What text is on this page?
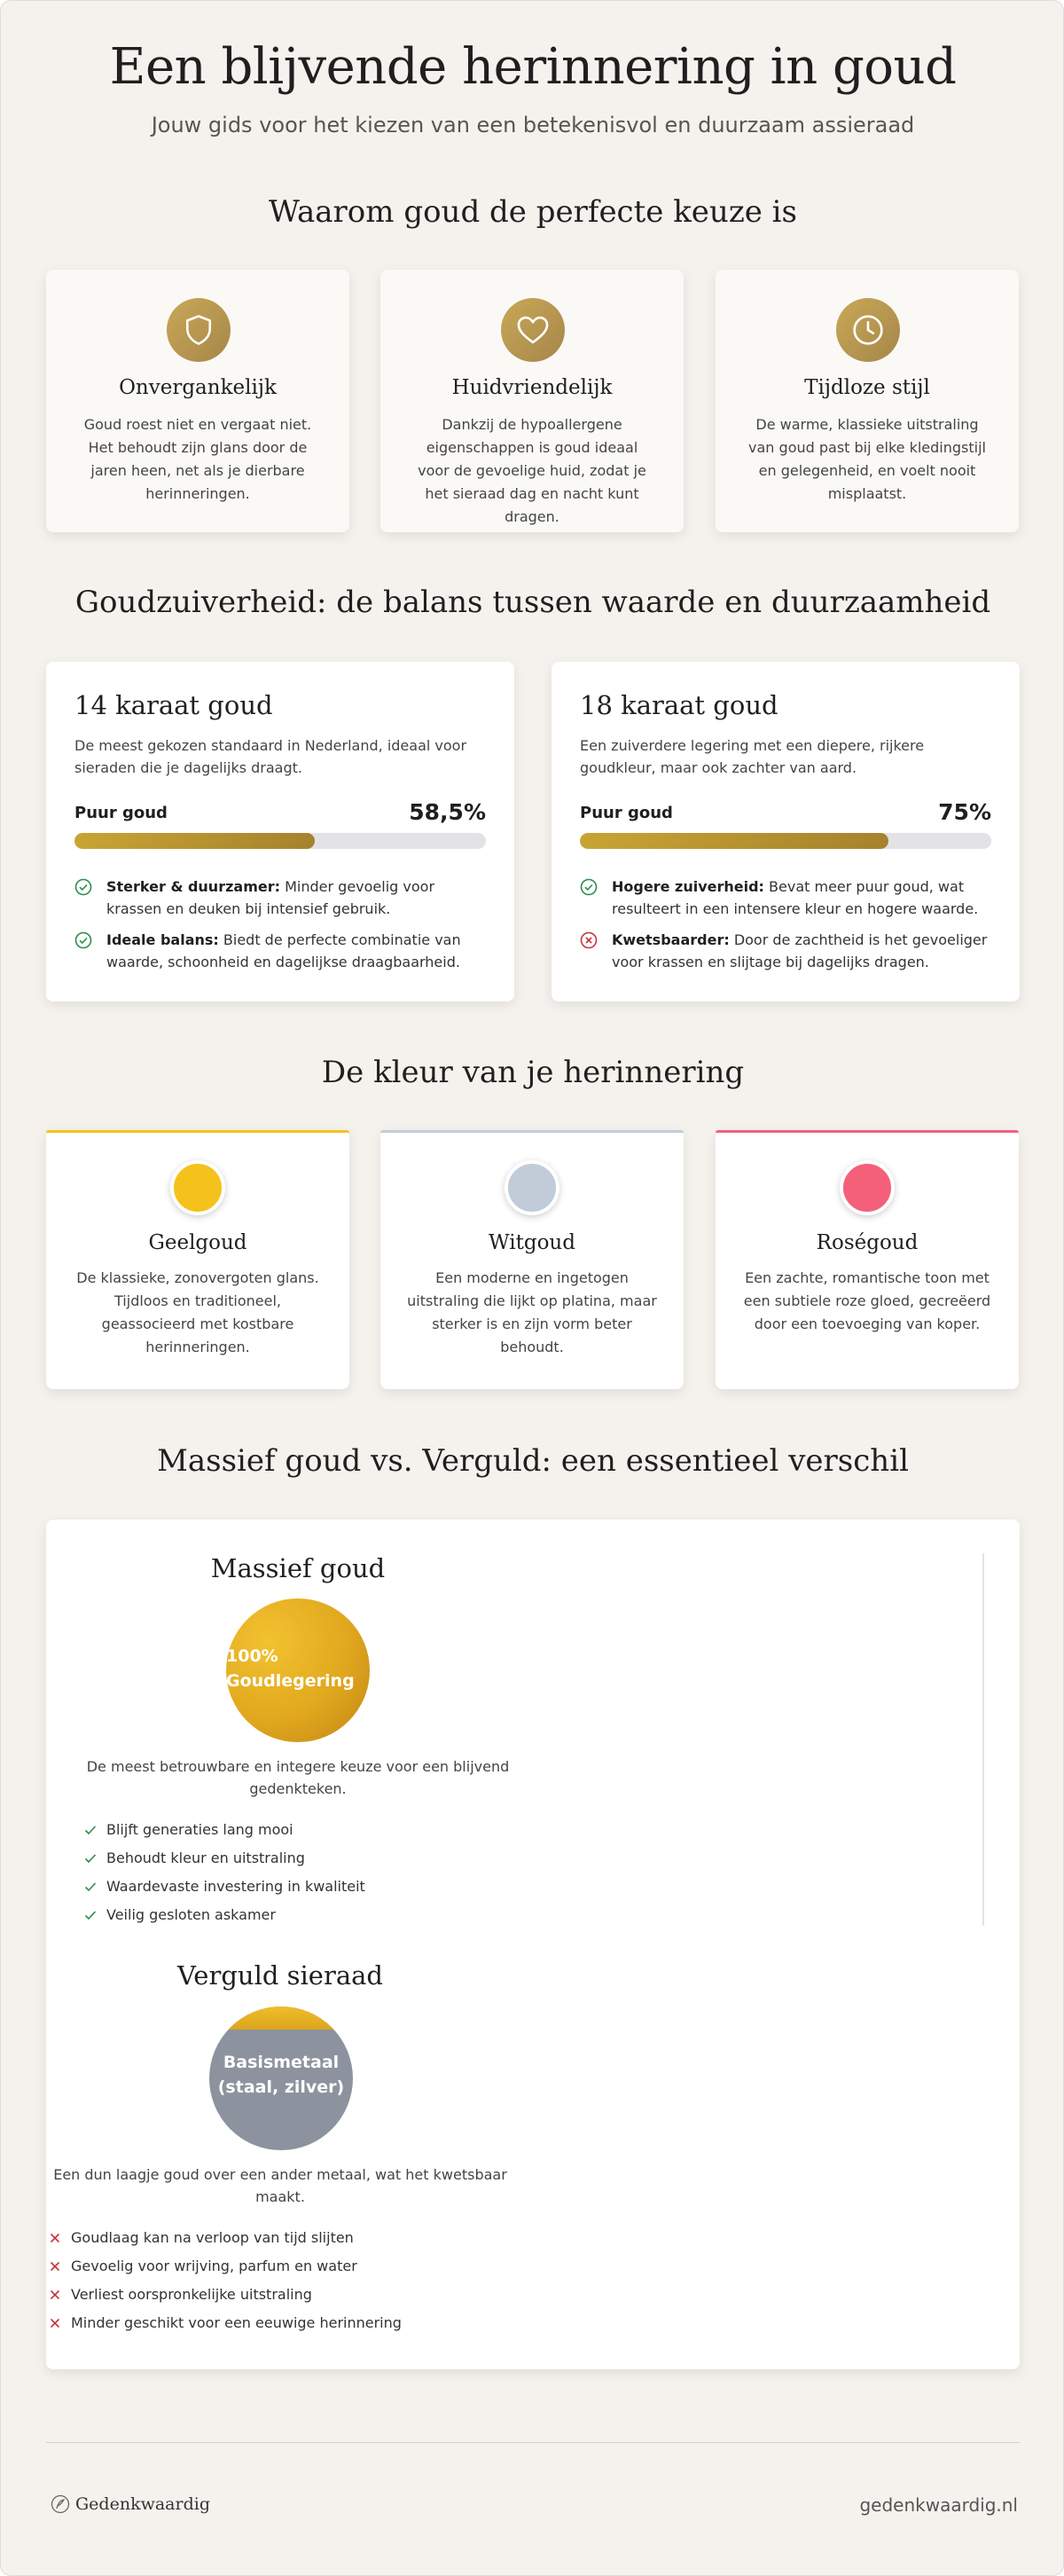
Een blijvende herinnering in goud
Jouw gids voor het kiezen van een betekenisvol en duurzaam assieraad
Waarom goud de perfecte keuze is
Onvergankelijk
Goud roest niet en vergaat niet. Het behoudt zijn glans door de jaren heen, net als je dierbare herinneringen.
Huidvriendelijk
Dankzij de hypoallergene eigenschappen is goud ideaal voor de gevoelige huid, zodat je het sieraad dag en nacht kunt dragen.
Tijdloze stijl
De warme, klassieke uitstraling van goud past bij elke kledingstijl en gelegenheid, en voelt nooit misplaatst.
Goudzuiverheid: de balans tussen waarde en duurzaamheid
14 karaat goud
De meest gekozen standaard in Nederland, ideaal voor sieraden die je dagelijks draagt.
Puur goud	58,5%
Sterker & duurzamer: Minder gevoelig voor krassen en deuken bij intensief gebruik.
Ideale balans: Biedt de perfecte combinatie van waarde, schoonheid en dagelijkse draagbaarheid.
18 karaat goud
Een zuiverdere legering met een diepere, rijkere goudkleur, maar ook zachter van aard.
Puur goud	75%
Hogere zuiverheid: Bevat meer puur goud, wat resulteert in een intensere kleur en hogere waarde.
Kwetsbaarder: Door de zachtheid is het gevoeliger voor krassen en slijtage bij dagelijks dragen.
De kleur van je herinnering
Geelgoud
De klassieke, zonovergoten glans. Tijdloos en traditioneel, geassocieerd met kostbare herinneringen.
Witgoud
Een moderne en ingetogen uitstraling die lijkt op platina, maar sterker is en zijn vorm beter behoudt.
Roségoud
Een zachte, romantische toon met een subtiele roze gloed, gecreëerd door een toevoeging van koper.
Massief goud vs. Verguld: een essentieel verschil
Massief goud
100%
Goudlegering
De meest betrouwbare en integere keuze voor een blijvend gedenkteken.
Blijft generaties lang mooi
Behoudt kleur en uitstraling
Waardevaste investering in kwaliteit
Veilig gesloten askamer
Verguld sieraad
Basismetaal
(staal, zilver)
Een dun laagje goud over een ander metaal, wat het kwetsbaar maakt.
Goudlaag kan na verloop van tijd slijten
Gevoelig voor wrijving, parfum en water
Verliest oorspronkelijke uitstraling
Minder geschikt voor een eeuwige herinnering
Gedenkwaardig	gedenkwaardig.nl
